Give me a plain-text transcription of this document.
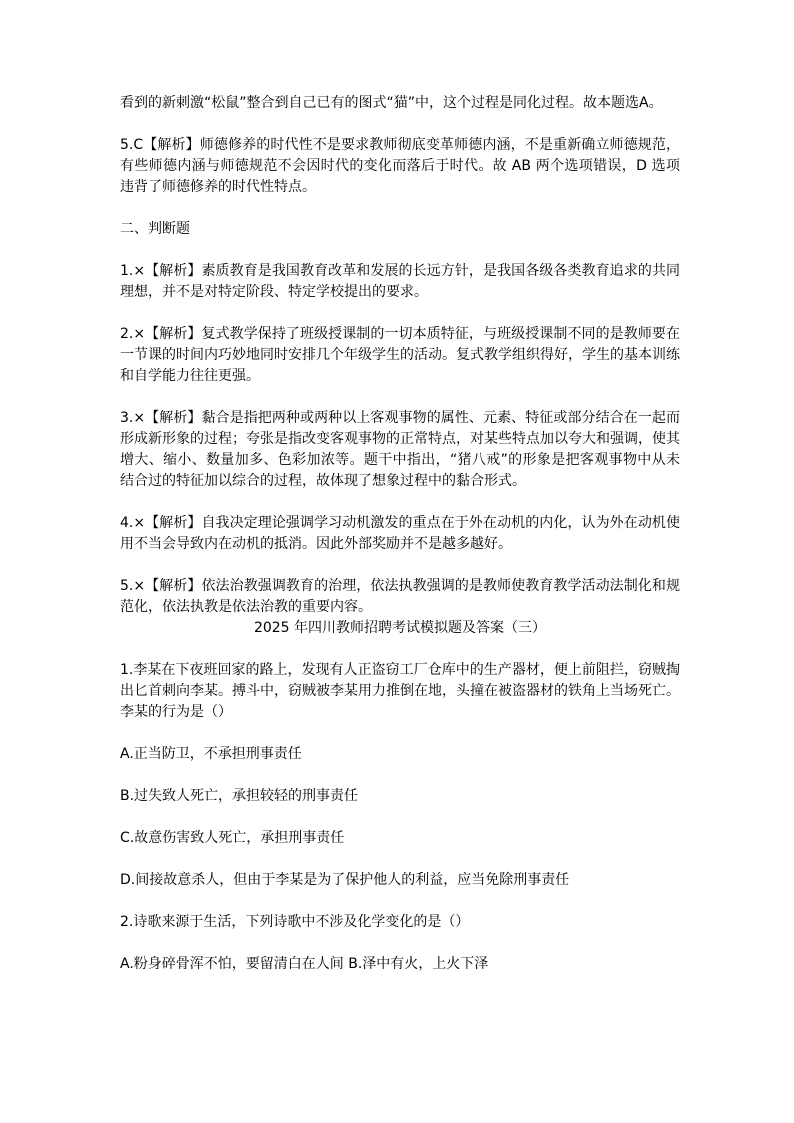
看到的新刺激“松鼠”整合到自己已有的图式“猫”中，这个过程是同化过程。故本题选A。

5.C【解析】师德修养的时代性不是要求教师彻底变革师德内涵，不是重新确立师德规范，有些师德内涵与师德规范不会因时代的变化而落后于时代。故 AB 两个选项错误，D 选项违背了师德修养的时代性特点。

二、判断题

1.×【解析】素质教育是我国教育改革和发展的长远方针，是我国各级各类教育追求的共同理想，并不是对特定阶段、特定学校提出的要求。

2.×【解析】复式教学保持了班级授课制的一切本质特征，与班级授课制不同的是教师要在一节课的时间内巧妙地同时安排几个年级学生的活动。复式教学组织得好，学生的基本训练和自学能力往往更强。

3.×【解析】黏合是指把两种或两种以上客观事物的属性、元素、特征或部分结合在一起而形成新形象的过程；夸张是指改变客观事物的正常特点，对某些特点加以夸大和强调，使其增大、缩小、数量加多、色彩加浓等。题干中指出，“猪八戒”的形象是把客观事物中从未结合过的特征加以综合的过程，故体现了想象过程中的黏合形式。

4.×【解析】自我决定理论强调学习动机激发的重点在于外在动机的内化，认为外在动机使用不当会导致内在动机的抵消。因此外部奖励并不是越多越好。

5.×【解析】依法治教强调教育的治理，依法执教强调的是教师使教育教学活动法制化和规范化，依法执教是依法治教的重要内容。

2025 年四川教师招聘考试模拟题及答案（三）

1.李某在下夜班回家的路上，发现有人正盗窃工厂仓库中的生产器材，便上前阻拦，窃贼掏出匕首刺向李某。搏斗中，窃贼被李某用力推倒在地，头撞在被盗器材的铁角上当场死亡。李某的行为是（）

A.正当防卫，不承担刑事责任

B.过失致人死亡，承担较轻的刑事责任

C.故意伤害致人死亡，承担刑事责任

D.间接故意杀人，但由于李某是为了保护他人的利益，应当免除刑事责任

2.诗歌来源于生活，下列诗歌中不涉及化学变化的是（）

A.粉身碎骨浑不怕，要留清白在人间 B.泽中有火，上火下泽
